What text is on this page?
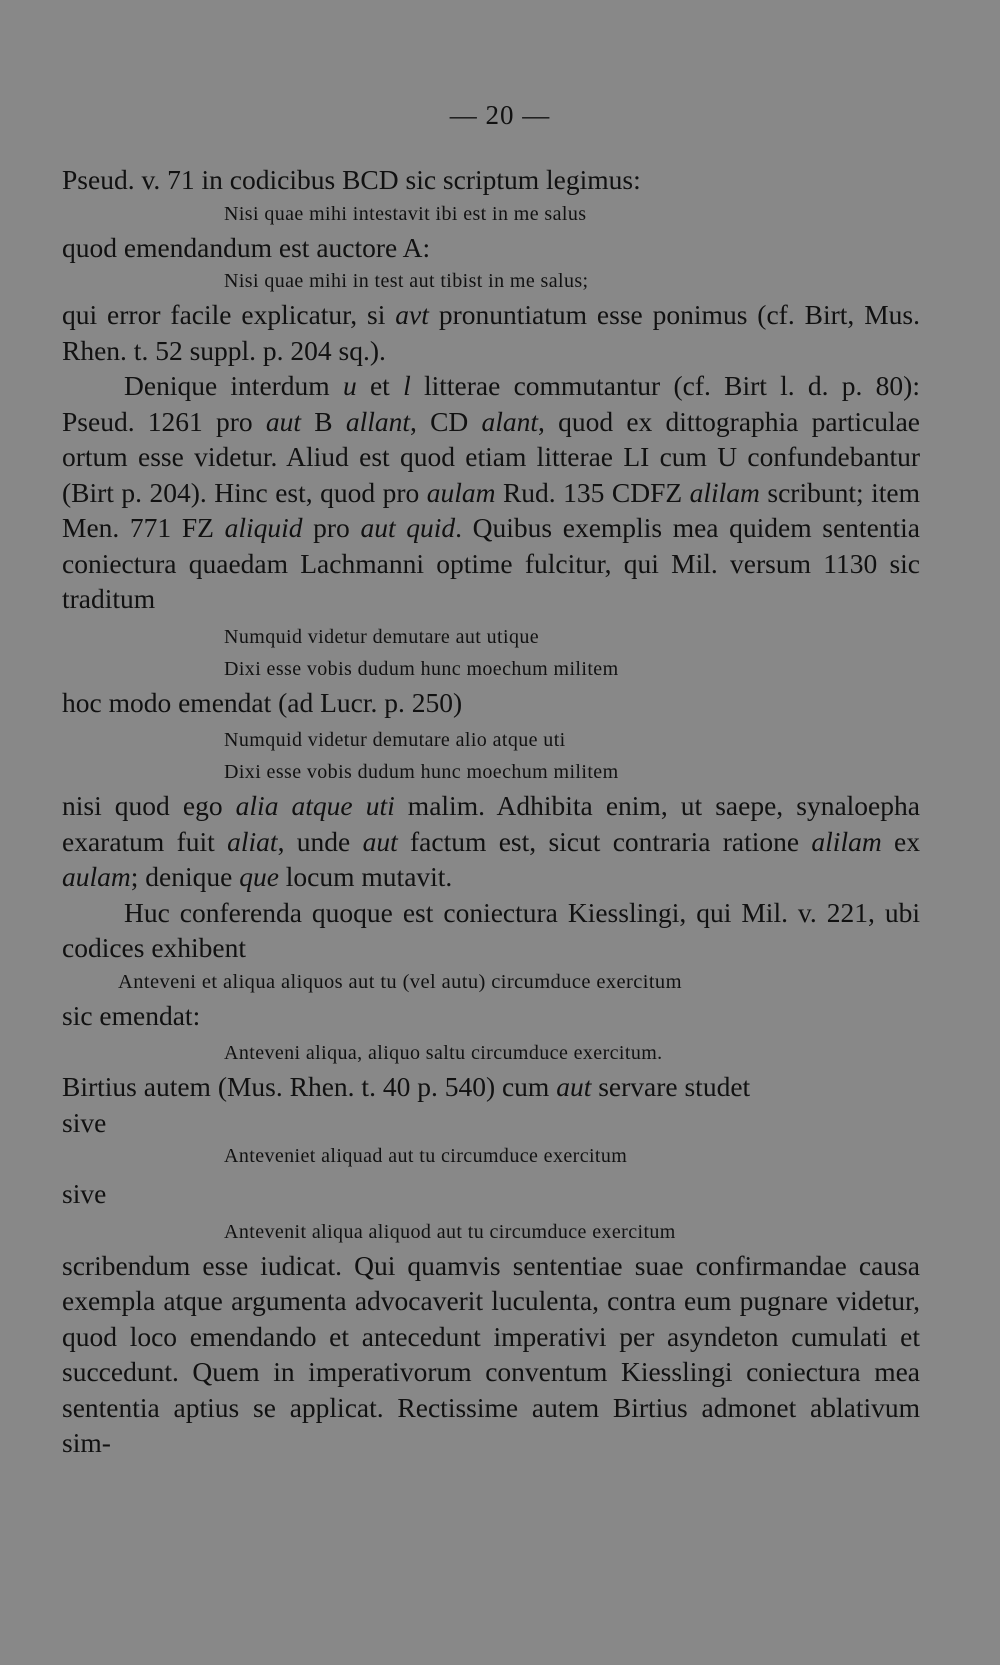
— 20 —

Pseud. v. 71 in codicibus BCD sic scriptum legimus:

Nisi quae mihi intestavit ibi est in me salus

quod emendandum est auctore A:

Nisi quae mihi in test aut tibist in me salus;

qui error facile explicatur, si avt pronuntiatum esse ponimus (cf. Birt, Mus. Rhen. t. 52 suppl. p. 204 sq.).

Denique interdum u et l litterae commutantur (cf. Birt l. d. p. 80): Pseud. 1261 pro aut B allant, CD alant, quod ex dittographia particulae ortum esse videtur. Aliud est quod etiam litterae LI cum U confundebantur (Birt p. 204). Hinc est, quod pro aulam Rud. 135 CDFZ alilam scribunt; item Men. 771 FZ aliquid pro aut quid. Quibus exemplis mea quidem sententia coniectura quaedam Lachmanni optime fulcitur, qui Mil. versum 1130 sic traditum

Numquid videtur demutare aut utique
Dixi esse vobis dudum hunc moechum militem

hoc modo emendat (ad Lucr. p. 250)

Numquid videtur demutare alio atque uti
Dixi esse vobis dudum hunc moechum militem

nisi quod ego alia atque uti malim. Adhibita enim, ut saepe, synaloepha exaratum fuit aliat, unde aut factum est, sicut contraria ratione alilam ex aulam; denique que locum mutavit.

Huc conferenda quoque est coniectura Kiesslingi, qui Mil. v. 221, ubi codices exhibent

Anteveni et aliqua aliquos aut tu (vel autu) circumduce exercitum

sic emendat:

Anteveni aliqua, aliquo saltu circumduce exercitum.

Birtius autem (Mus. Rhen. t. 40 p. 540) cum aut servare studet

sive

Anteveniet aliquad aut tu circumduce exercitum

sive

Antevenit aliqua aliquod aut tu circumduce exercitum

scribendum esse iudicat. Qui quamvis sententiae suae confirmandae causa exempla atque argumenta advocaverit luculenta, contra eum pugnare videtur, quod loco emendando et antecedunt imperativi per asyndeton cumulati et succedunt. Quem in imperativorum conventum Kiesslingi coniectura mea sententia aptius se applicat. Rectissime autem Birtius admonet ablativum sim-
